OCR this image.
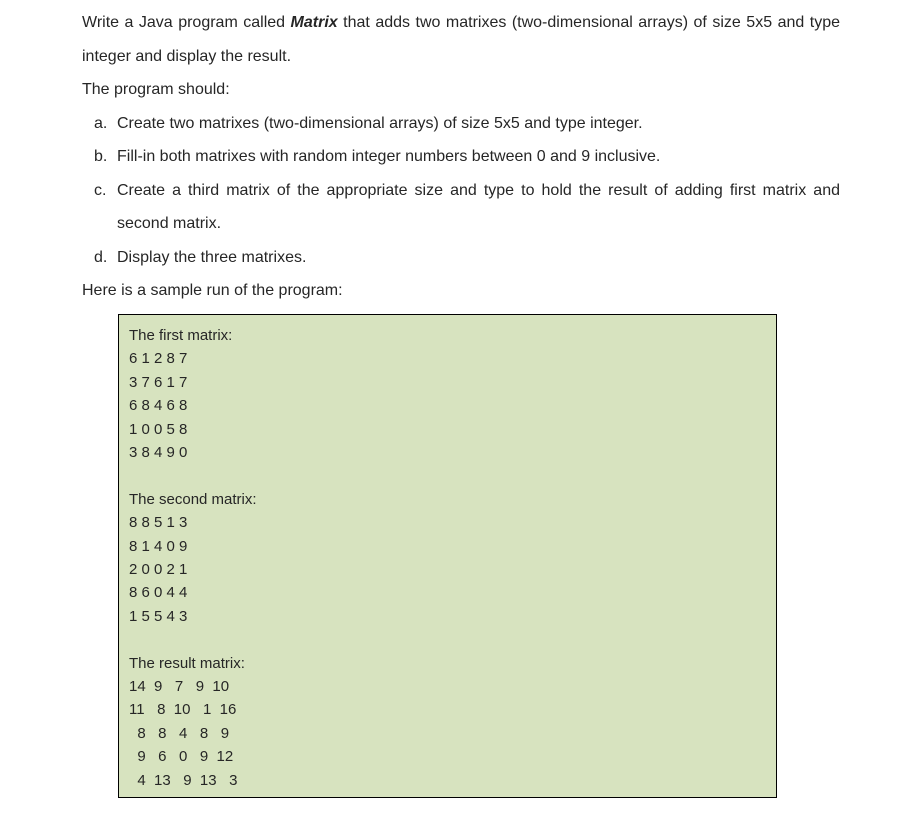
Write a Java program called Matrix that adds two matrixes (two-dimensional arrays) of size 5x5 and type integer and display the result.

The program should:

a. Create two matrixes (two-dimensional arrays) of size 5x5 and type integer.
b. Fill-in both matrixes with random integer numbers between 0 and 9 inclusive.
c. Create a third matrix of the appropriate size and type to hold the result of adding first matrix and second matrix.
d. Display the three matrixes.

Here is a sample run of the program:

The first matrix:
6 1 2 8 7
3 7 6 1 7
6 8 4 6 8
1 0 0 5 8
3 8 4 9 0
The second matrix:
8 8 5 1 3
8 1 4 0 9
2 0 0 2 1
8 6 0 4 4
1 5 5 4 3
The result matrix:
14  9   7   9  10
11   8  10   1  16
8   8   4   8   9
9   6   0   9  12
4  13   9  13   3
